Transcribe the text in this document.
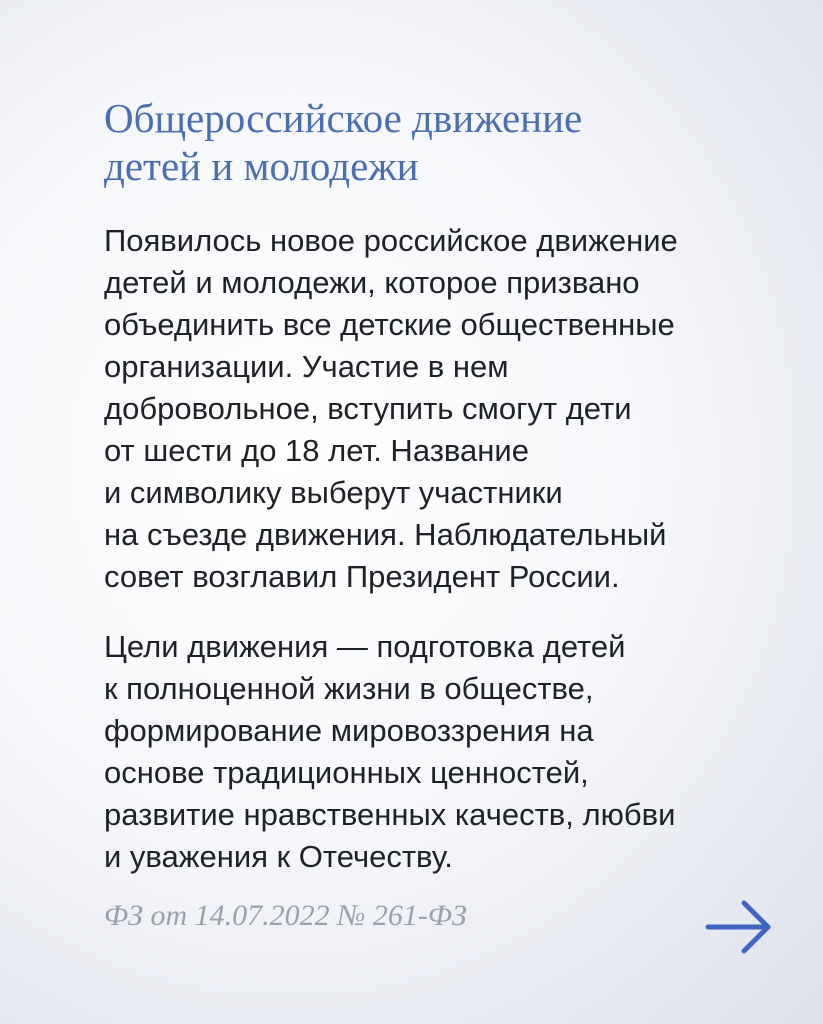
Общероссийское движение
детей и молодежи

Появилось новое российское движение
детей и молодежи, которое призвано
объединить все детские общественные
организации. Участие в нем
добровольное, вступить смогут дети
от шести до 18 лет. Название
и символику выберут участники
на съезде движения. Наблюдательный
совет возглавил Президент России.

Цели движения — подготовка детей
к полноценной жизни в обществе,
формирование мировоззрения на
основе традиционных ценностей,
развитие нравственных качеств, любви
и уважения к Отечеству.

ФЗ от 14.07.2022 № 261-ФЗ
